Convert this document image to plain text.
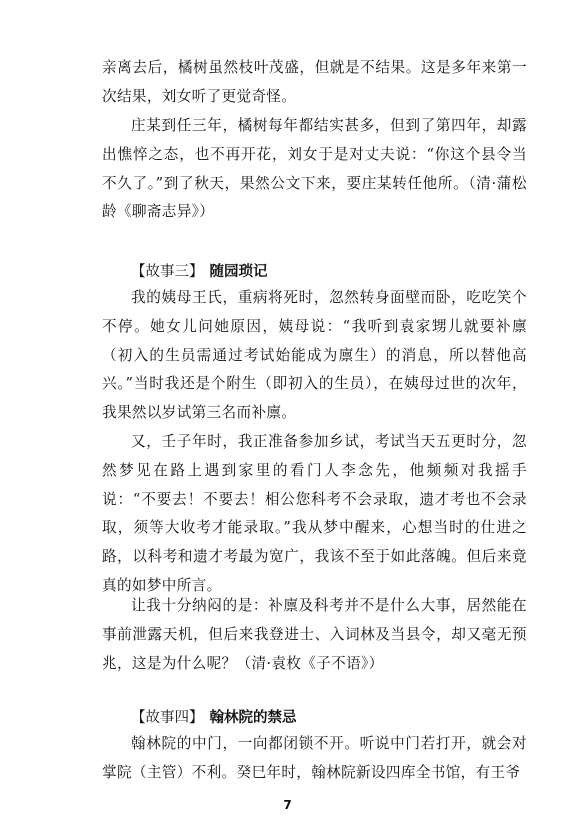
亲离去后，橘树虽然枝叶茂盛，但就是不结果。这是多年来第一次结果，刘女听了更觉奇怪。

庄某到任三年，橘树每年都结实甚多，但到了第四年，却露出憔悴之态，也不再开花，刘女于是对丈夫说：“你这个县令当不久了。”到了秋天，果然公文下来，要庄某转任他所。（清·蒲松龄《聊斋志异》）

【故事三】 随园琐记

我的姨母王氏，重病将死时，忽然转身面壁而卧，吃吃笑个不停。她女儿问她原因，姨母说：“我听到袁家甥儿就要补廪（初入的生员需通过考试始能成为廪生）的消息，所以替他高兴。”当时我还是个附生（即初入的生员），在姨母过世的次年，我果然以岁试第三名而补廪。

又，壬子年时，我正准备参加乡试，考试当天五更时分，忽然梦见在路上遇到家里的看门人李念先，他频频对我摇手说：“不要去！不要去！相公您科考不会录取，遗才考也不会录取，须等大收考才能录取。”我从梦中醒来，心想当时的仕进之路，以科考和遗才考最为宽广，我该不至于如此落魄。但后来竟真的如梦中所言。

让我十分纳闷的是：补廪及科考并不是什么大事，居然能在事前泄露天机，但后来我登进士、入词林及当县令，却又毫无预兆，这是为什么呢？（清·袁枚《子不语》）

【故事四】 翰林院的禁忌

翰林院的中门，一向都闭锁不开。听说中门若打开，就会对掌院（主管）不利。癸巳年时，翰林院新设四库全书馆，有王爷

7
